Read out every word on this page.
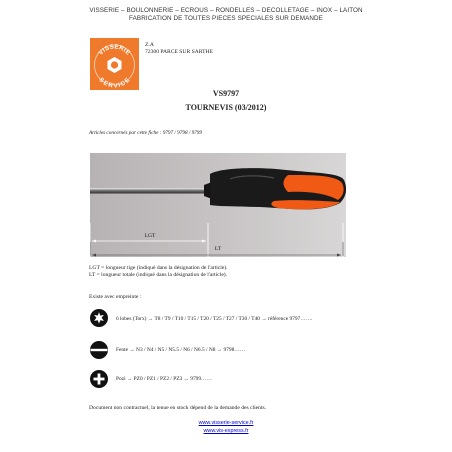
VISSERIE – BOULONNERIE – ECROUS – RONDELLES – DECOLLETAGE – INOX – LAITON
FABRICATION DE TOUTES PIECES SPECIALES SUR DEMANDE
VISSERIE
SERVICE
Z.A
72300 PARCE SUR SARTHE
VS9797
TOURNEVIS (03/2012)
Articles concernés par cette fiche : 9797 / 9798 / 9799
LGT
LT
LGT = longueur tige (indiqué dans la désignation de l'article).
LT = longueur totale (indiqué dans la désignation de l'article).
Existe avec empreinte :
6 lobes (Torx) → T8 / T9 / T10 / T15 / T20 / T25 / T27 / T30 / T40 → référence 9797…….
Fente → N3 / N4 / N5 / N5.5 / N6 / N6.5 / N8 → 9798……
Pozi → PZ0 / PZ1 / PZ2 / PZ3 → 9799……
Document non contractuel, la tenue en stock dépend de la demande des clients.
www.visserie-service.fr
www.vis-express.fr
